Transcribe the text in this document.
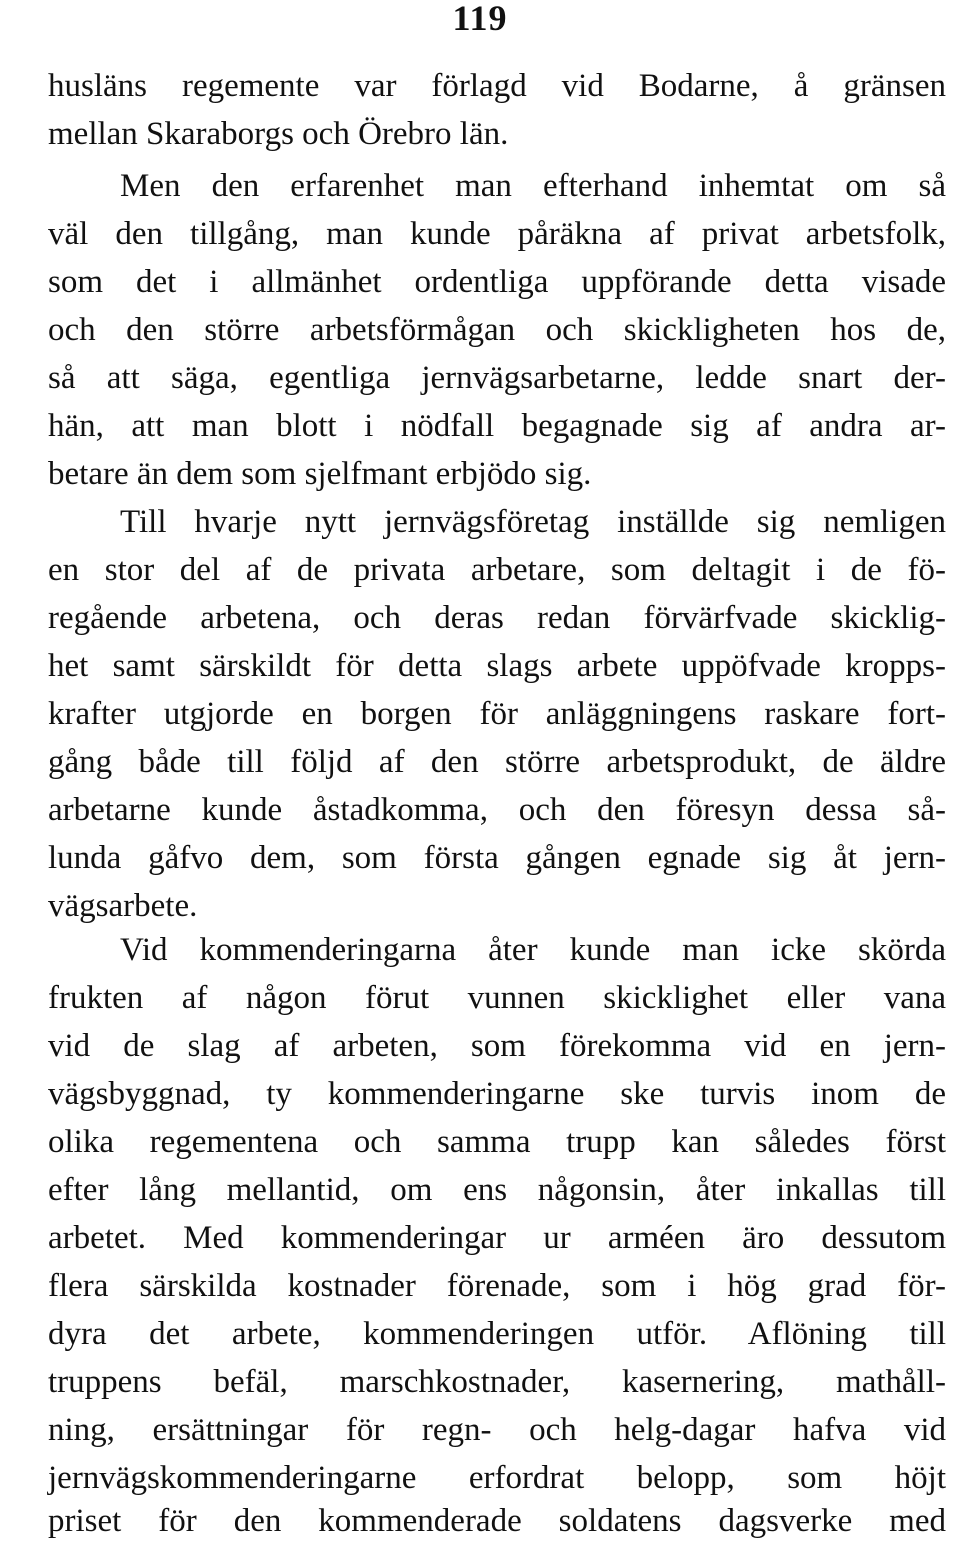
119
husläns regemente var förlagd vid Bodarne, å gränsen
mellan Skaraborgs och Örebro län.
Men den erfarenhet man efterhand inhemtat om så
väl den tillgång, man kunde påräkna af privat arbetsfolk,
som det i allmänhet ordentliga uppförande detta visade
och den större arbetsförmågan och skickligheten hos de,
så att säga, egentliga jernvägsarbetarne, ledde snart der-
hän, att man blott i nödfall begagnade sig af andra ar-
betare än dem som sjelfmant erbjödo sig.
Till hvarje nytt jernvägsföretag inställde sig nemligen
en stor del af de privata arbetare, som deltagit i de fö-
regående arbetena, och deras redan förvärfvade skicklig-
het samt särskildt för detta slags arbete uppöfvade kropps-
krafter utgjorde en borgen för anläggningens raskare fort-
gång både till följd af den större arbetsprodukt, de äldre
arbetarne kunde åstadkomma, och den föresyn dessa så-
lunda gåfvo dem, som första gången egnade sig åt jern-
vägsarbete.
Vid kommenderingarna åter kunde man icke skörda
frukten af någon förut vunnen skicklighet eller vana
vid de slag af arbeten, som förekomma vid en jern-
vägsbyggnad, ty kommenderingarne ske turvis inom de
olika regementena och samma trupp kan således först
efter lång mellantid, om ens någonsin, åter inkallas till
arbetet. Med kommenderingar ur arméen äro dessutom
flera särskilda kostnader förenade, som i hög grad för-
dyra det arbete, kommenderingen utför. Aflöning till
truppens befäl, marschkostnader, kasernering, mathåll-
ning, ersättningar för regn- och helg-dagar hafva vid
jernvägskommenderingarne erfordrat belopp, som höjt
priset för den kommenderade soldatens dagsverke med
